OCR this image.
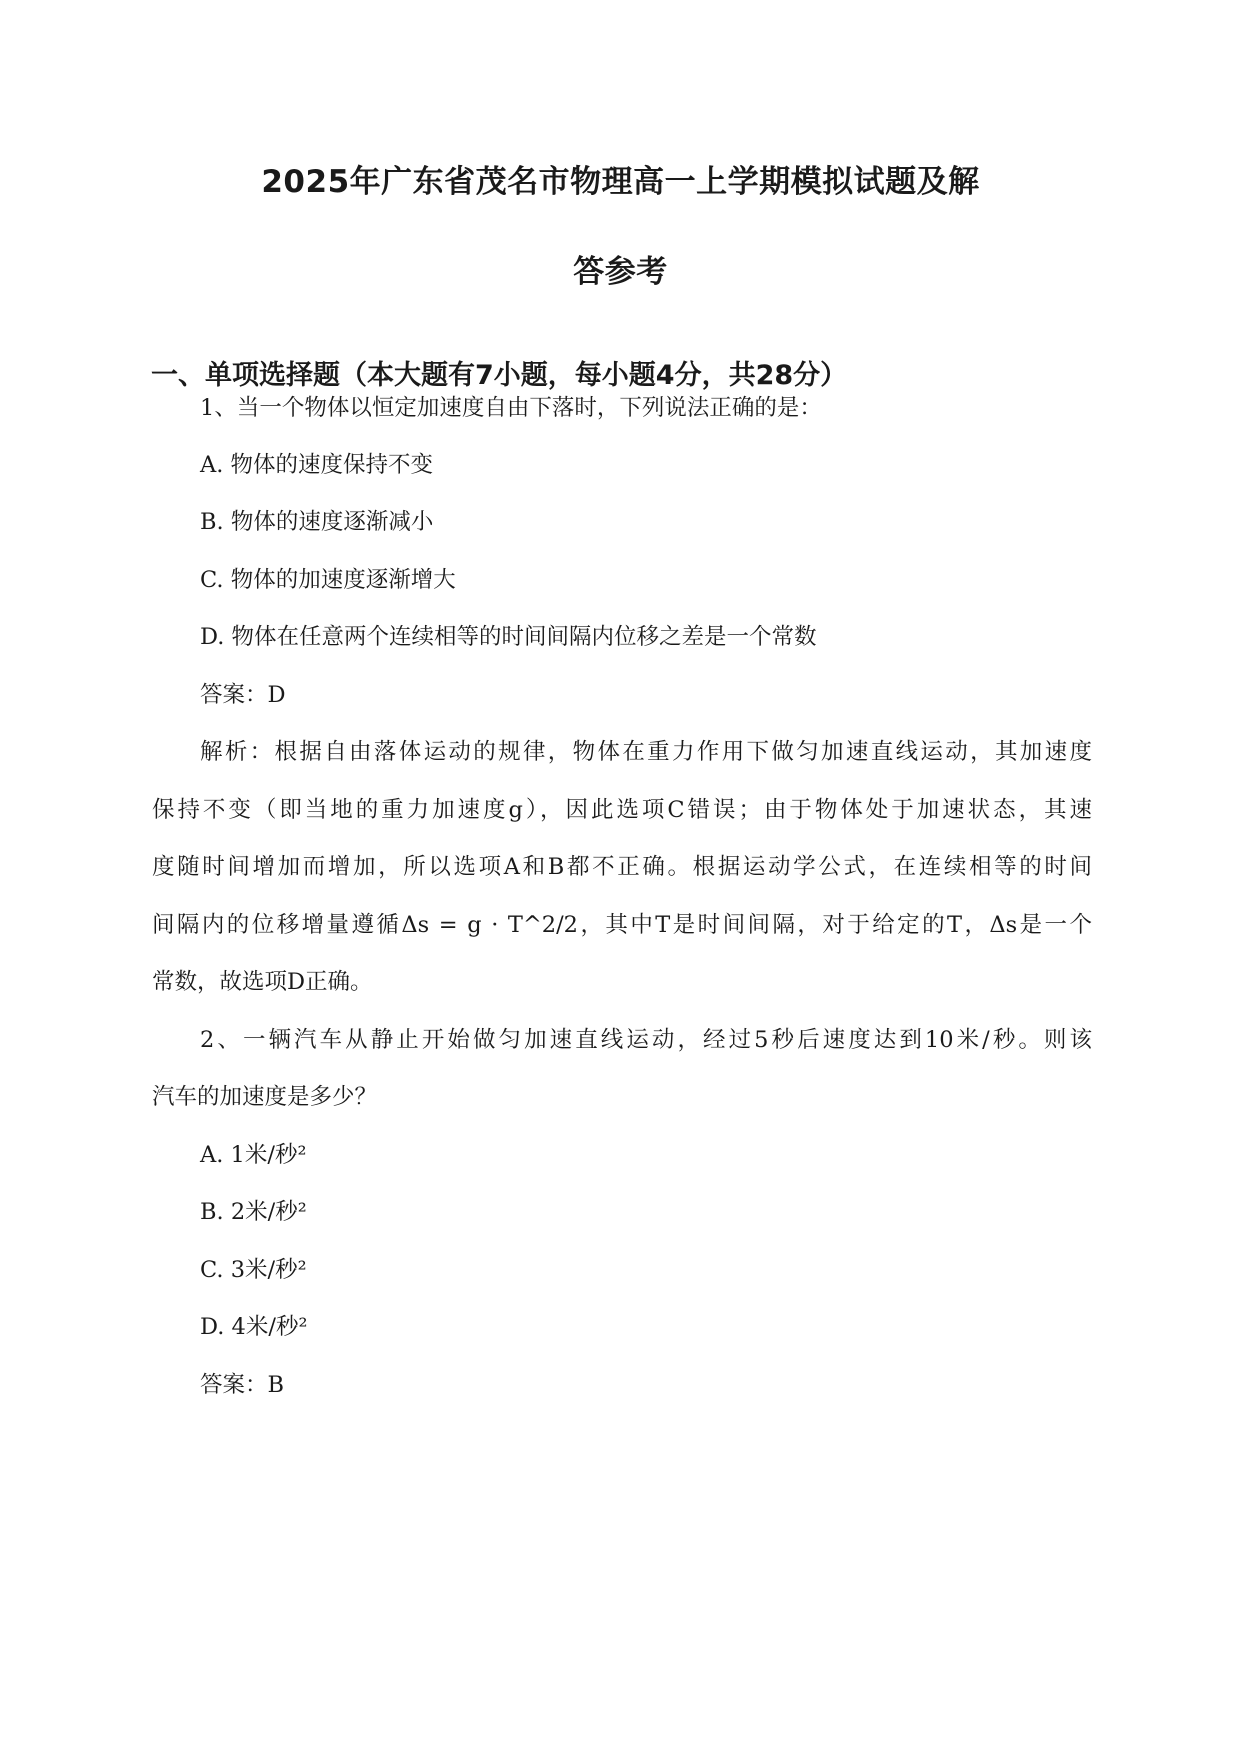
2025年广东省茂名市物理高一上学期模拟试题及解
答参考
一、单项选择题（本大题有7小题，每小题4分，共28分）
1、当一个物体以恒定加速度自由下落时，下列说法正确的是：
A. 物体的速度保持不变
B. 物体的速度逐渐减小
C. 物体的加速度逐渐增大
D. 物体在任意两个连续相等的时间间隔内位移之差是一个常数
答案：D
解析：根据自由落体运动的规律，物体在重力作用下做匀加速直线运动，其加速度
保持不变（即当地的重力加速度g），因此选项C错误；由于物体处于加速状态，其速
度随时间增加而增加，所以选项A和B都不正确。根据运动学公式，在连续相等的时间
间隔内的位移增量遵循Δs = g · T^2/2，其中T是时间间隔，对于给定的T，Δs是一个
常数，故选项D正确。
2、一辆汽车从静止开始做匀加速直线运动，经过5秒后速度达到10米/秒。则该
汽车的加速度是多少？
A. 1米/秒²
B. 2米/秒²
C. 3米/秒²
D. 4米/秒²
答案：B
